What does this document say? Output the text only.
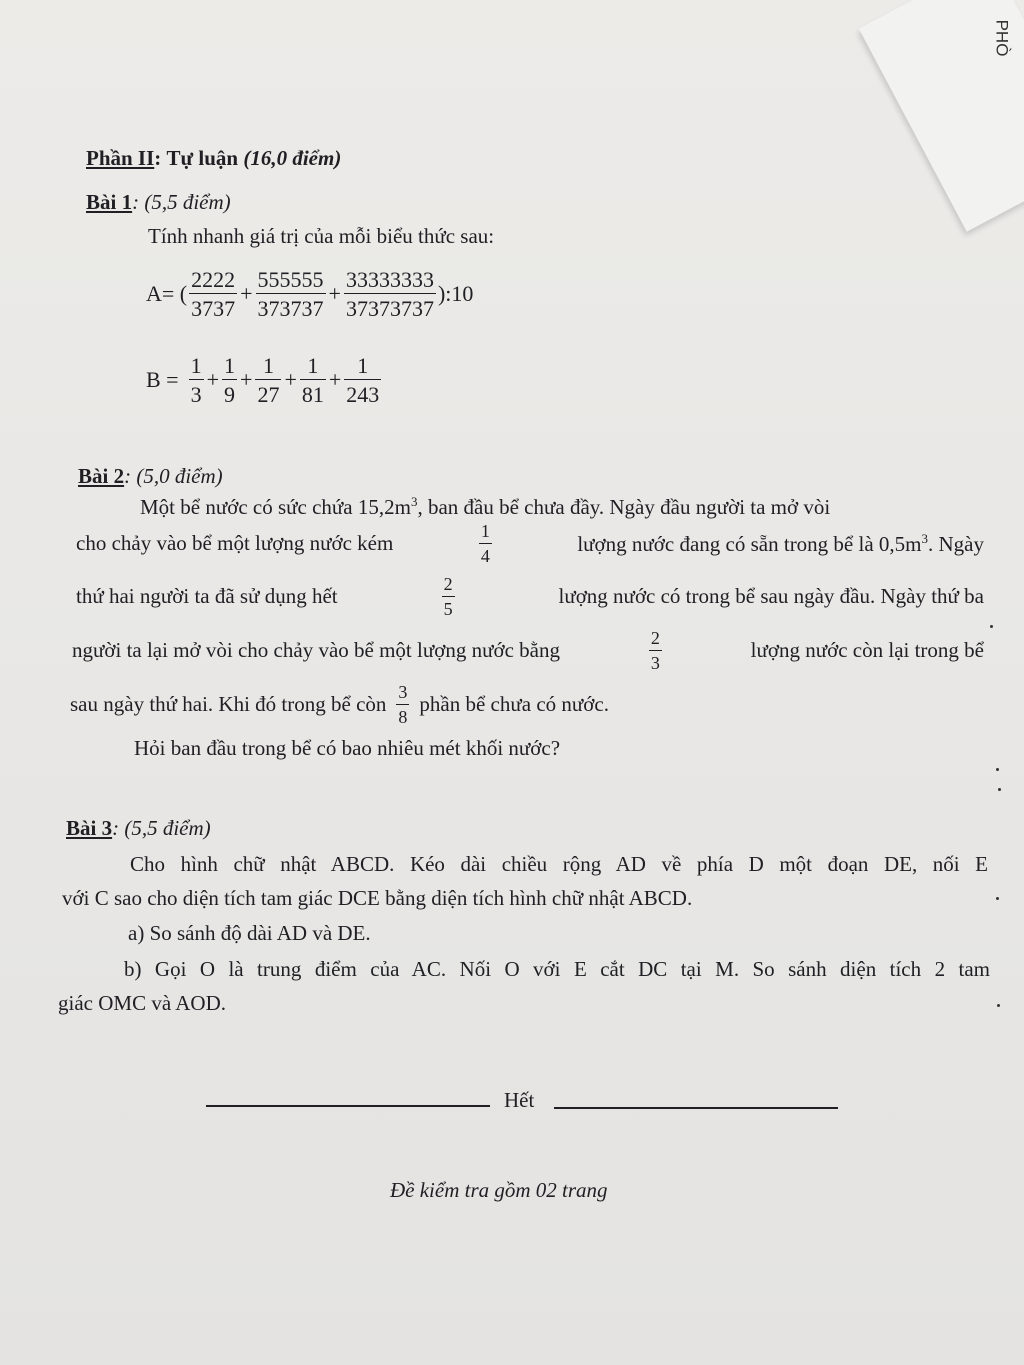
PHÒ
Phần II: Tự luận (16,0 điểm)
Bài 1: (5,5 điểm)
Tính nhanh giá trị của mỗi biểu thức sau:
A= ( $\frac{2222}{3737} + \frac{555555}{373737} + \frac{33333333}{37373737}$ ):10
$B = \frac{1}{3} + \frac{1}{9} + \frac{1}{27} + \frac{1}{81} + \frac{1}{243}$
Bài 2: (5,0 điểm)
Một bể nước có sức chứa $15,2m^3$, ban đầu bể chưa đầy. Ngày đầu người ta mở vòi
cho chảy vào bể một lượng nước kém	$\frac{1}{4}$	lượng nước đang có sẵn trong bể là $0,5m^3$. Ngày
thứ hai người ta đã sử dụng hết	$\frac{2}{5}$	lượng nước có trong bể sau ngày đầu. Ngày thứ ba
người ta lại mở vòi cho chảy vào bể một lượng nước bằng	$\frac{2}{3}$	lượng nước còn lại trong bể
sau ngày thứ hai. Khi đó trong bể còn $\frac{3}{8}$ phần bể chưa có nước.
Hỏi ban đầu trong bể có bao nhiêu mét khối nước?
Bài 3: (5,5 điểm)
Cho hình chữ nhật ABCD. Kéo dài chiều rộng AD về phía D một đoạn DE, nối E
với C sao cho diện tích tam giác DCE bằng diện tích hình chữ nhật ABCD.
a) So sánh độ dài AD và DE.
b) Gọi O là trung điểm của AC. Nối O với E cắt DC tại M. So sánh diện tích 2 tam
giác OMC và AOD.
Hết
Đề kiểm tra gồm 02 trang
